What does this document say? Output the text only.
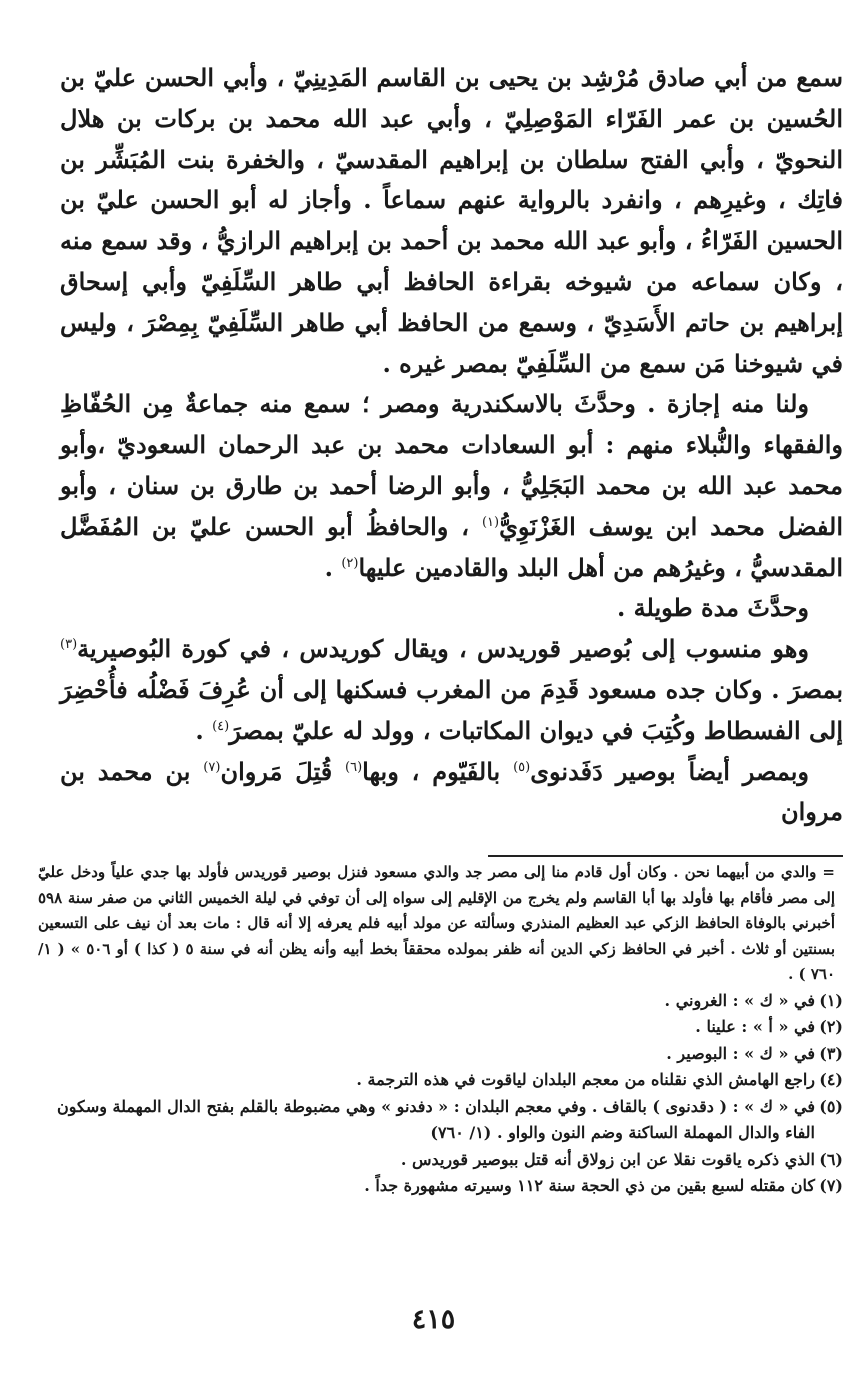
سمع من أبي صادق مُرْشِد بن يحيى بن القاسم المَدِينِيّ ، وأبي الحسن عليّ بن الحُسين بن عمر الفَرّاء المَوْصِلِيّ ، وأبي عبد الله محمد بن بركات بن هلال النحويّ ، وأبي الفتح سلطان بن إبراهيم المقدسيّ ، والخفرة بنت المُبَشِّر بن فاتِك ، وغيرِهم ، وانفرد بالرواية عنهم سماعاً . وأجاز له أبو الحسن عليّ بن الحسين الفَرّاءُ ، وأبو عبد الله محمد بن أحمد بن إبراهيم الرازيُّ ، وقد سمع منه ، وكان سماعه من شيوخه بقراءة الحافظ أبي طاهر السِّلَفِيّ وأبي إسحاق إبراهيم بن حاتم الأَسَدِيّ ، وسمع من الحافظ أبي طاهر السِّلَفِيّ بِمِصْرَ ، وليس في شيوخنا مَن سمع من السِّلَفِيّ بمصر غيره .

ولنا منه إجازة . وحدَّثَ بالاسكندرية ومصر ؛ سمع منه جماعةٌ مِن الحُفّاظِ والفقهاء والنُّبلاء منهم : أبو السعادات محمد بن عبد الرحمان السعوديّ ،وأبو محمد عبد الله بن محمد البَجَلِيُّ ، وأبو الرضا أحمد بن طارق بن سنان ، وأبو الفضل محمد ابن يوسف الغَزْنَوِيُّ$^{(١)}$ ، والحافظُ أبو الحسن عليّ بن المُفَضَّل المقدسيُّ ، وغيرُهم من أهل البلد والقادمين عليها$^{(٢)}$ .

وحدَّثَ مدة طويلة .

وهو منسوب إلى بُوصير قوريدس ، ويقال كوريدس ، في كورة البُوصيرية$^{(٣)}$ بمصرَ . وكان جده مسعود قَدِمَ من المغرب فسكنها إلى أن عُرِفَ فَضْلُه فأُحْضِرَ إلى الفسطاط وكُتِبَ في ديوان المكاتبات ، وولد له عليّ بمصرَ$^{(٤)}$ .

وبمصر أيضاً بوصير دَفَدنوى$^{(٥)}$ بالفَيّوم ، وبها$^{(٦)}$ قُتِلَ مَروان$^{(٧)}$ بن محمد بن مروان

=والدي من أبيهما نحن . وكان أول قادم منا إلى مصر جد والدي مسعود فنزل بوصير قوريدس فأولد بها جدي علياً ودخل عليّ إلى مصر فأقام بها فأولد بها أبا القاسم ولم يخرج من الإقليم إلى سواه إلى أن توفي في ليلة الخميس الثاني من صفر سنة ٥٩٨ أخبرني بالوفاة الحافظ الزكي عبد العظيم المنذري وسألته عن مولد أبيه فلم يعرفه إلا أنه قال : مات بعد أن نيف على التسعين بسنتين أو ثلاث . أخبر في الحافظ زكي الدين أنه ظفر بمولده محققاً بخط أبيه وأنه يظن أنه في سنة ٥ ( كذا ) أو ٥٠٦ » ( ١/ ٧٦٠ ) .

(١)
في « ك » : الغروني .
(٢)
في « أ » : علينا .
(٣)
في « ك » : البوصير .
(٤)
راجع الهامش الذي نقلناه من معجم البلدان لياقوت في هذه الترجمة .
(٥)
في « ك » : ( دقدنوى ) بالقاف . وفي معجم البلدان : « دفدنو » وهي مضبوطة بالقلم بفتح الدال المهملة وسكون
الفاء والدال المهملة الساكنة وضم النون والواو . (١/ ٧٦٠)
(٦)
الذي ذكره ياقوت نقلا عن ابن زولاق أنه قتل ببوصير قوريدس .
(٧)
كان مقتله لسبع بقين من ذي الحجة سنة ١١٢ وسيرته مشهورة جداً .
٤١٥
